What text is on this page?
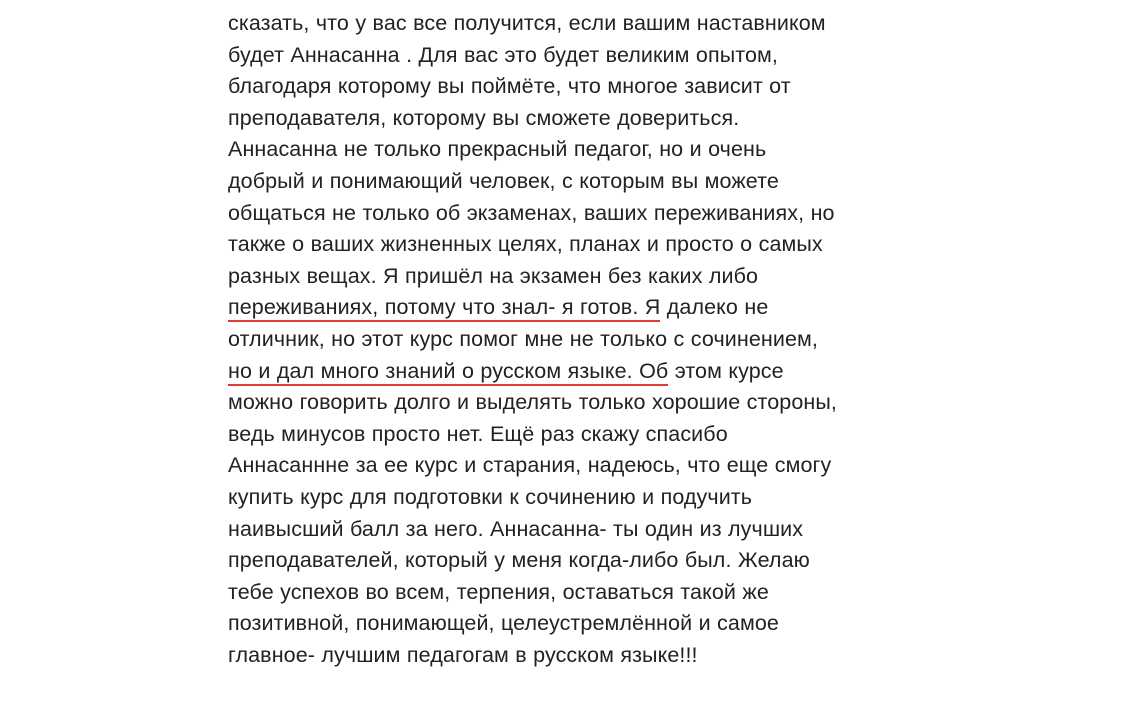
сказать, что у вас все получится, если вашим наставником
будет Аннасанна . Для вас это будет великим опытом,
благодаря которому вы поймёте, что многое зависит от
преподавателя, которому вы сможете довериться.
Аннасанна не только прекрасный педагог, но и очень
добрый и понимающий человек, с которым вы можете
общаться не только об экзаменах, ваших переживаниях, но
также о ваших жизненных целях, планах и просто о самых
разных вещах. Я пришёл на экзамен без каких либо
переживаниях, потому что знал- я готов. Я далеко не
отличник, но этот курс помог мне не только с сочинением,
но и дал много знаний о русском языке. Об этом курсе
можно говорить долго и выделять только хорошие стороны,
ведь минусов просто нет. Ещё раз скажу спасибо
Аннасаннне за ее курс и старания, надеюсь, что еще смогу
купить курс для подготовки к сочинению и подучить
наивысший балл за него. Аннасанна- ты один из лучших
преподавателей, который у меня когда-либо был. Желаю
тебе успехов во всем, терпения, оставаться такой же
позитивной, понимающей, целеустремлённой и самое
главное- лучшим педагогам в русском языке!!!
